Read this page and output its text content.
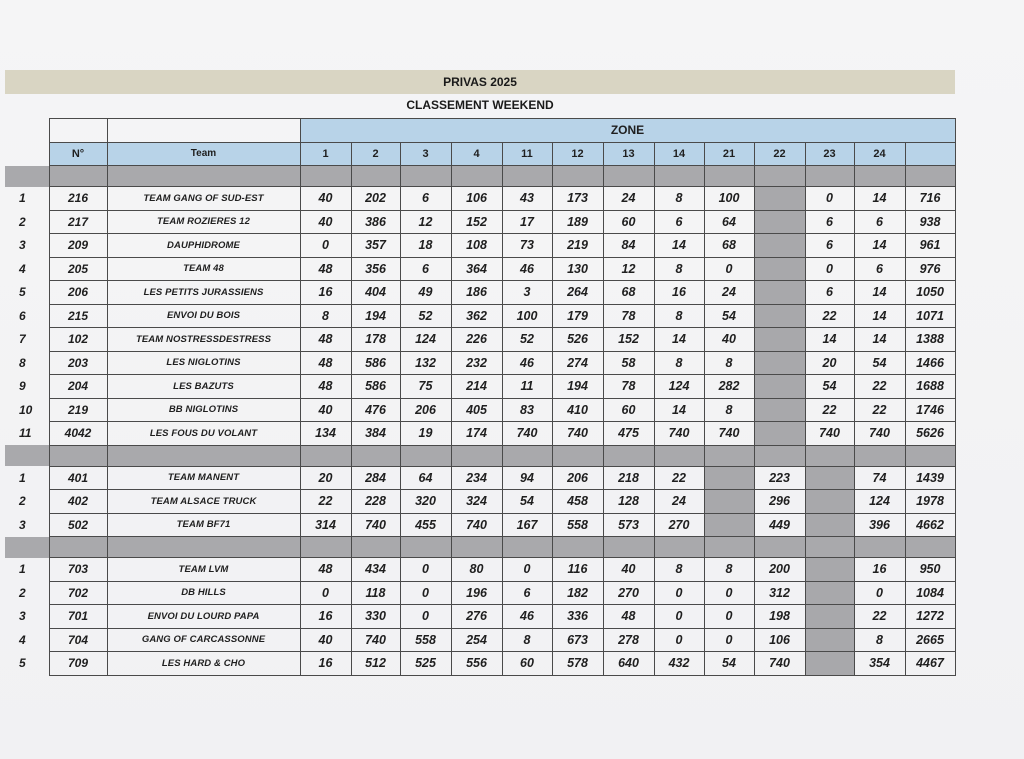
PRIVAS 2025
CLASSEMENT WEEKEND
			ZONE												
	N°	Team	1	2	3	4	11	12	13	14	21	22	23	24	

1	216	TEAM GANG OF SUD-EST	40	202	6	106	43	173	24	8	100		0	14	716
2	217	TEAM ROZIERES 12	40	386	12	152	17	189	60	6	64		6	6	938
3	209	DAUPHIDROME	0	357	18	108	73	219	84	14	68		6	14	961
4	205	TEAM 48	48	356	6	364	46	130	12	8	0		0	6	976
5	206	LES PETITS JURASSIENS	16	404	49	186	3	264	68	16	24		6	14	1050
6	215	ENVOI DU BOIS	8	194	52	362	100	179	78	8	54		22	14	1071
7	102	TEAM NOSTRESSDESTRESS	48	178	124	226	52	526	152	14	40		14	14	1388
8	203	LES NIGLOTINS	48	586	132	232	46	274	58	8	8		20	54	1466
9	204	LES BAZUTS	48	586	75	214	11	194	78	124	282		54	22	1688
10	219	BB NIGLOTINS	40	476	206	405	83	410	60	14	8		22	22	1746
11	4042	LES FOUS DU VOLANT	134	384	19	174	740	740	475	740	740		740	740	5626

1	401	TEAM MANENT	20	284	64	234	94	206	218	22		223		74	1439
2	402	TEAM ALSACE TRUCK	22	228	320	324	54	458	128	24		296		124	1978
3	502	TEAM BF71	314	740	455	740	167	558	573	270		449		396	4662

1	703	TEAM LVM	48	434	0	80	0	116	40	8	8	200		16	950
2	702	DB HILLS	0	118	0	196	6	182	270	0	0	312		0	1084
3	701	ENVOI DU LOURD PAPA	16	330	0	276	46	336	48	0	0	198		22	1272
4	704	GANG OF CARCASSONNE	40	740	558	254	8	673	278	0	0	106		8	2665
5	709	LES HARD & CHO	16	512	525	556	60	578	640	432	54	740		354	4467
